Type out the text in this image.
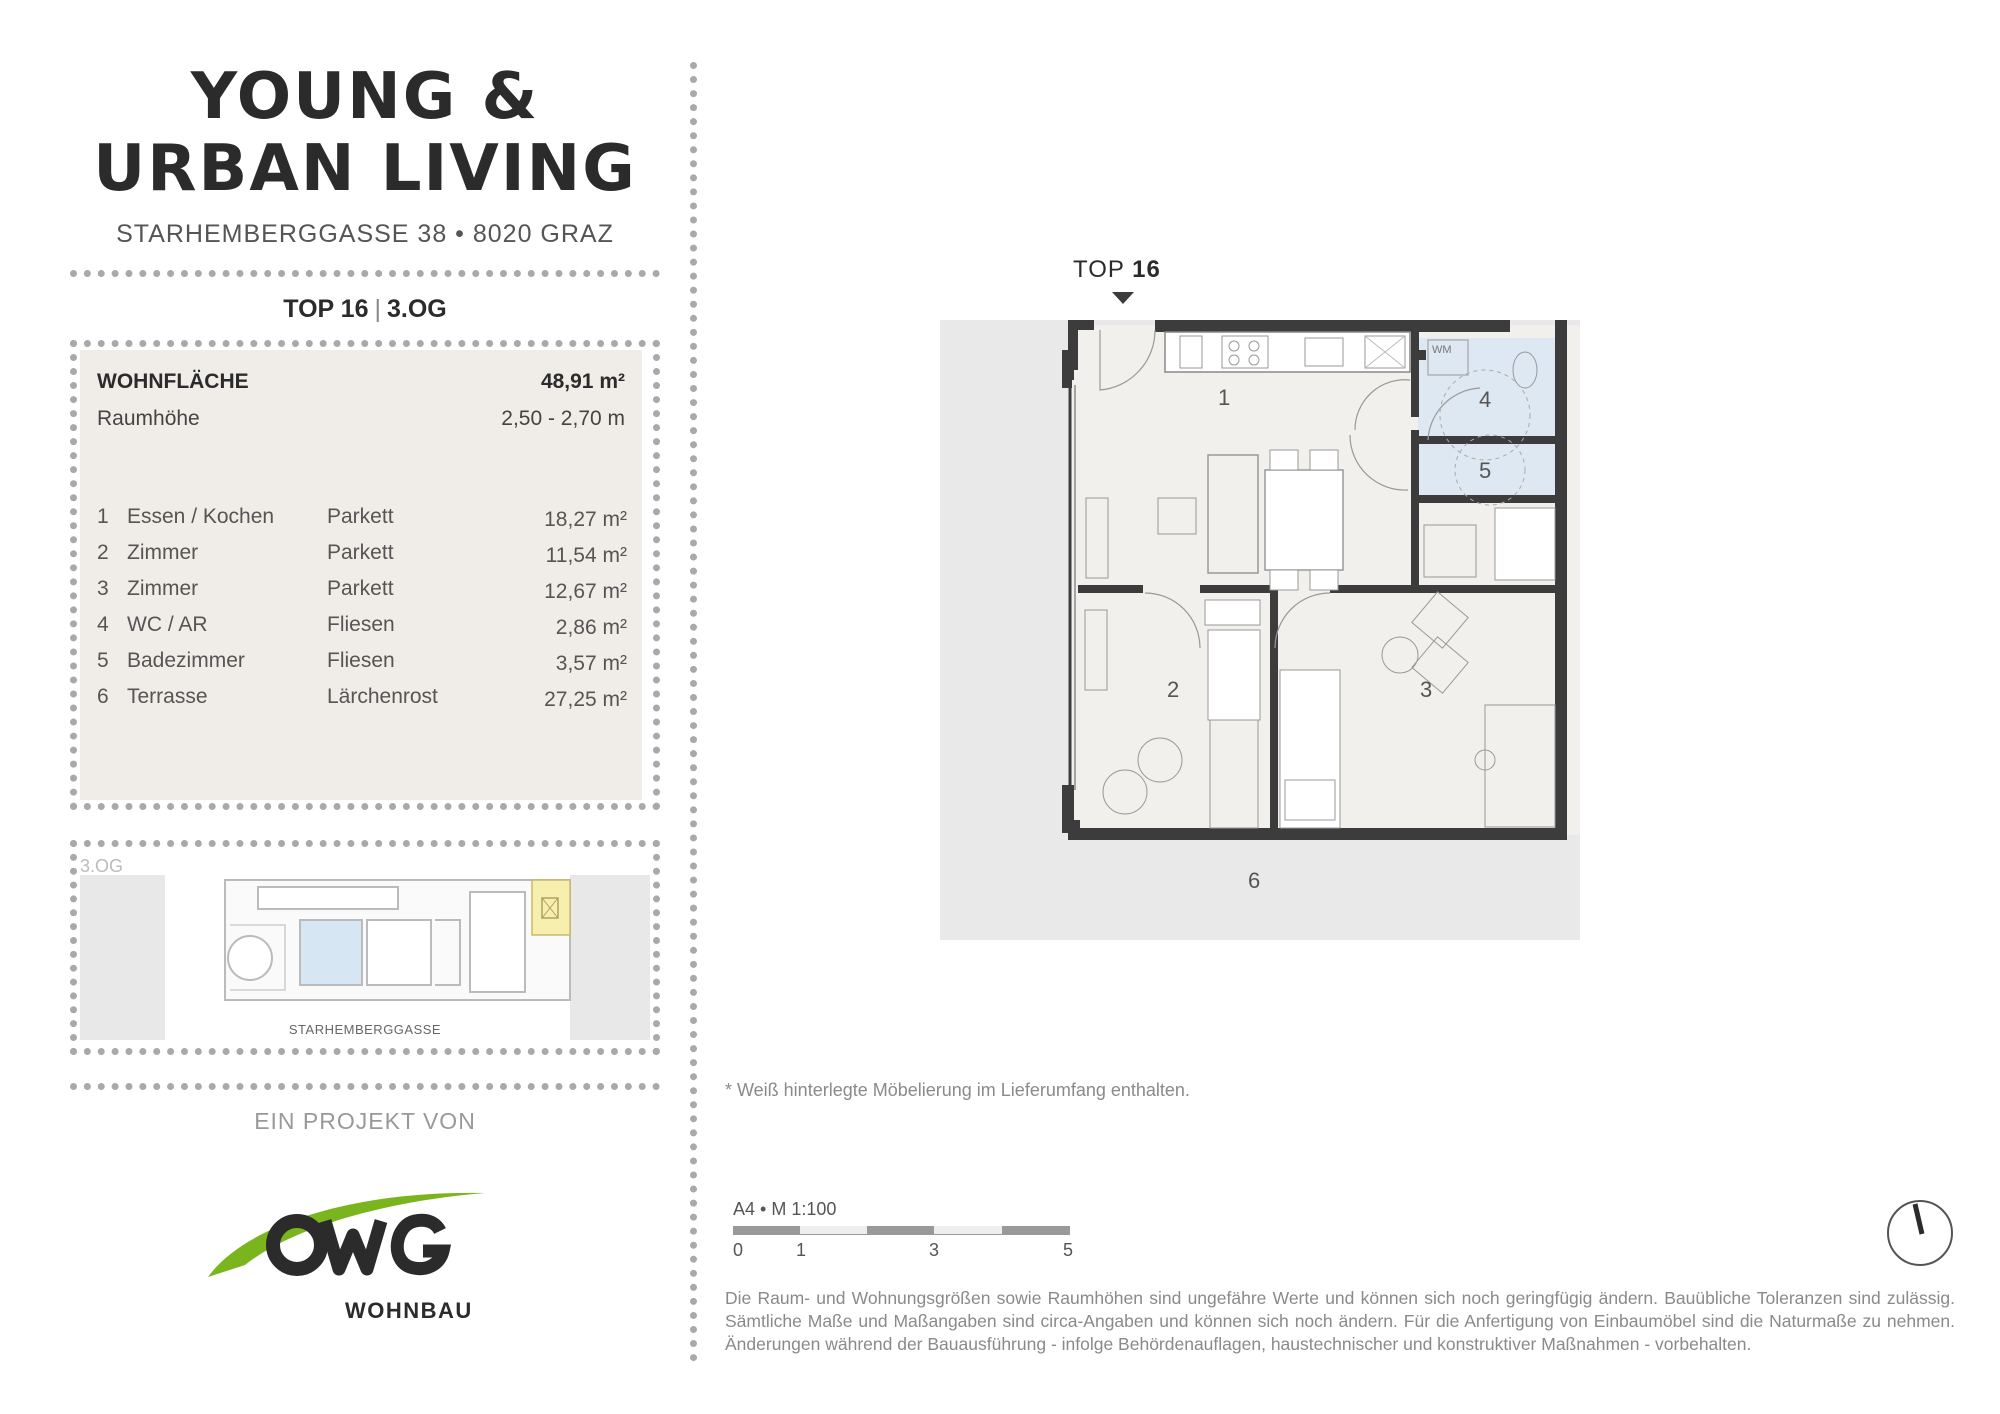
YOUNG &
URBAN LIVING
STARHEMBERGGASSE 38 • 8020 GRAZ
TOP 16 | 3.OG
WOHNFLÄCHE	48,91 m²
Raumhöhe	2,50 - 2,70 m
1 Essen / Kochen	Parkett	18,27 m²
2 Zimmer	Parkett	11,54 m²
3 Zimmer	Parkett	12,67 m²
4 WC / AR	Fliesen	2,86 m²
5 Badezimmer	Fliesen	3,57 m²
6 Terrasse	Lärchenrost	27,25 m²
3.OG
STARHEMBERGGASSE
EIN PROJEKT VON
WOHNBAU
TOP 16
1
2	3
4
5
6
WM
* Weiß hinterlegte Möbelierung im Lieferumfang enthalten.
A4 • M 1:100
0	1	3	5
Die Raum- und Wohnungsgrößen sowie Raumhöhen sind ungefähre Werte und können sich noch geringfügig ändern. Bauübliche Toleranzen sind zulässig. Sämtliche Maße und Maßangaben sind circa-Angaben und können sich noch ändern. Für die Anfertigung von Einbaumöbel sind die Naturmaße zu nehmen. Änderungen während der Bauausführung - infolge Behördenauflagen, haustechnischer und konstruktiver Maßnahmen - vorbehalten.
